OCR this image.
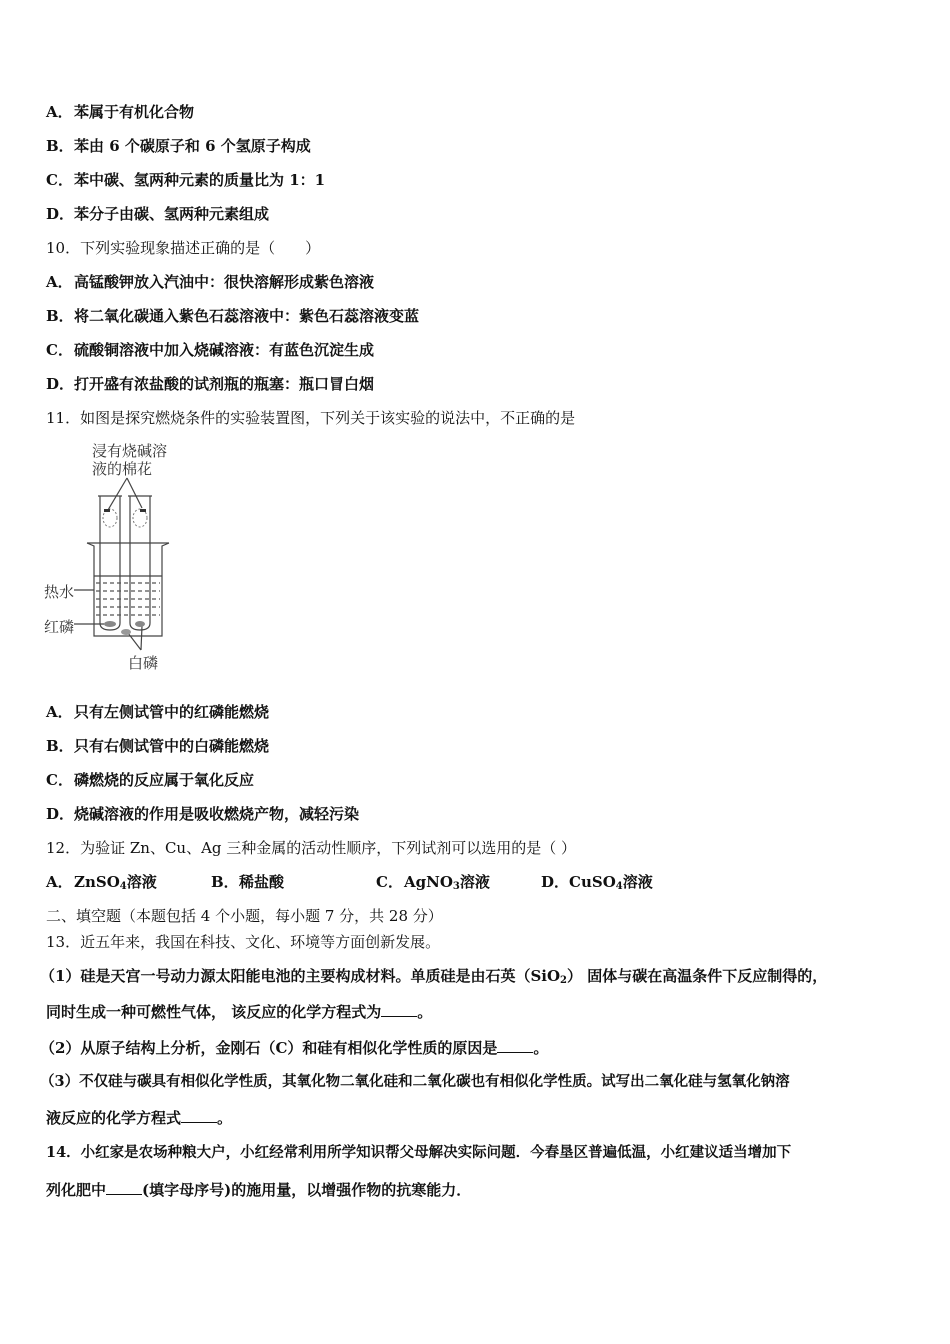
A．苯属于有机化合物
B．苯由 6 个碳原子和 6 个氢原子构成
C．苯中碳、氢两种元素的质量比为 1：1
D．苯分子由碳、氢两种元素组成
10．下列实验现象描述正确的是（　　）
A．高锰酸钾放入汽油中：很快溶解形成紫色溶液
B．将二氧化碳通入紫色石蕊溶液中：紫色石蕊溶液变蓝
C．硫酸铜溶液中加入烧碱溶液：有蓝色沉淀生成
D．打开盛有浓盐酸的试剂瓶的瓶塞：瓶口冒白烟
11．如图是探究燃烧条件的实验装置图，下列关于该实验的说法中，不正确的是
浸有烧碱溶
液的棉花
热水
红磷
白磷
A．只有左侧试管中的红磷能燃烧
B．只有右侧试管中的白磷能燃烧
C．磷燃烧的反应属于氧化反应
D．烧碱溶液的作用是吸收燃烧产物，减轻污染
12．为验证 Zn、Cu、Ag 三种金属的活动性顺序，下列试剂可以选用的是（ ）
A．ZnSO$_4$溶液	B．稀盐酸	C．AgNO$_3$溶液	D．CuSO$_4$溶液
二、填空题（本题包括 4 个小题，每小题 7 分，共 28 分）
13．近五年来，我国在科技、文化、环境等方面创新发展。
（1）硅是天宫一号动力源太阳能电池的主要构成材料。单质硅是由石英（SiO$_2$） 固体与碳在高温条件下反应制得的，
同时生成一种可燃性气体， 该反应的化学方程式为 。
（2）从原子结构上分析，金刚石（C）和硅有相似化学性质的原因是 。
（3）不仅硅与碳具有相似化学性质，其氧化物二氧化硅和二氧化碳也有相似化学性质。试写出二氧化硅与氢氧化钠溶
液反应的化学方程式 。
14．小红家是农场种粮大户，小红经常利用所学知识帮父母解决实际问题．今春垦区普遍低温，小红建议适当增加下
列化肥中 (填字母序号)的施用量，以增强作物的抗寒能力．
